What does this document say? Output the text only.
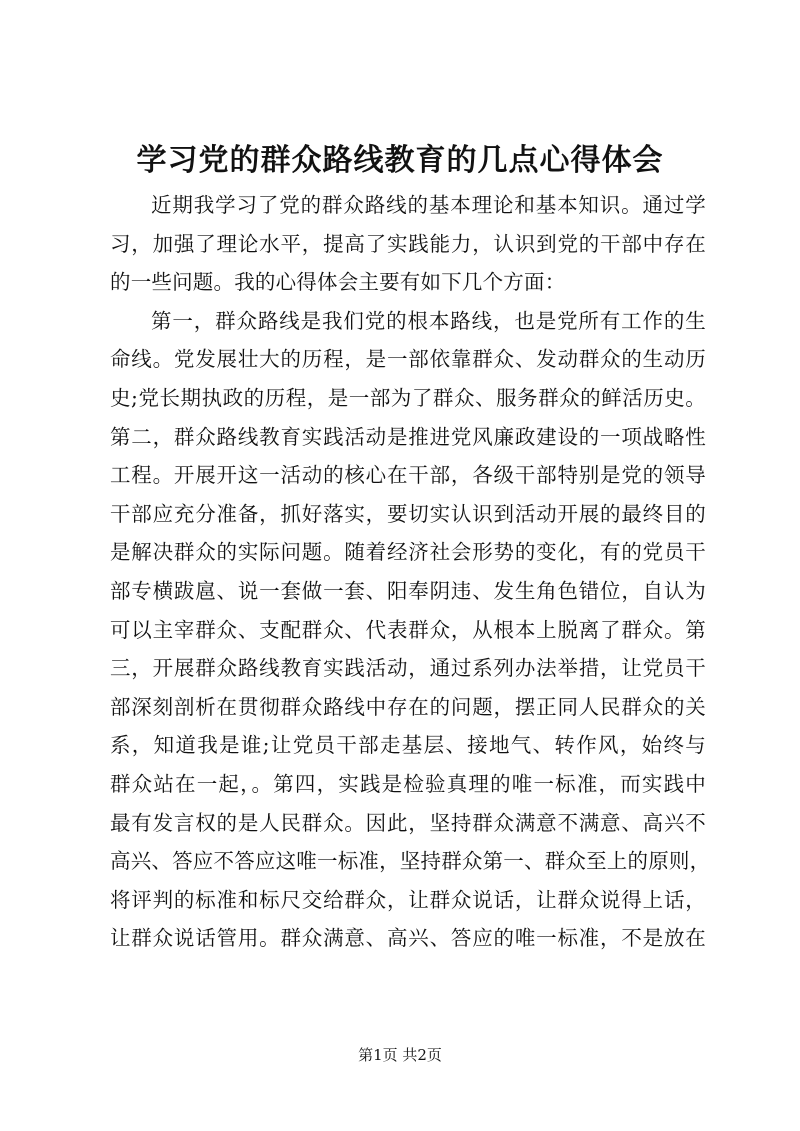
学习党的群众路线教育的几点心得体会
近期我学习了党的群众路线的基本理论和基本知识。通过学
习，加强了理论水平，提高了实践能力，认识到党的干部中存在
的一些问题。我的心得体会主要有如下几个方面：
第一，群众路线是我们党的根本路线，也是党所有工作的生
命线。党发展壮大的历程，是一部依靠群众、发动群众的生动历
史;党长期执政的历程，是一部为了群众、服务群众的鲜活历史。
第二，群众路线教育实践活动是推进党风廉政建设的一项战略性
工程。开展开这一活动的核心在干部，各级干部特别是党的领导
干部应充分准备，抓好落实，要切实认识到活动开展的最终目的
是解决群众的实际问题。随着经济社会形势的变化，有的党员干
部专横跋扈、说一套做一套、阳奉阴违、发生角色错位，自认为
可以主宰群众、支配群众、代表群众，从根本上脱离了群众。第
三，开展群众路线教育实践活动，通过系列办法举措，让党员干
部深刻剖析在贯彻群众路线中存在的问题，摆正同人民群众的关
系，知道我是谁;让党员干部走基层、接地气、转作风，始终与
群众站在一起，。第四，实践是检验真理的唯一标准，而实践中
最有发言权的是人民群众。因此，坚持群众满意不满意、高兴不
高兴、答应不答应这唯一标准，坚持群众第一、群众至上的原则，
将评判的标准和标尺交给群众，让群众说话，让群众说得上话，
让群众说话管用。群众满意、高兴、答应的唯一标准，不是放在
第1页 共2页
